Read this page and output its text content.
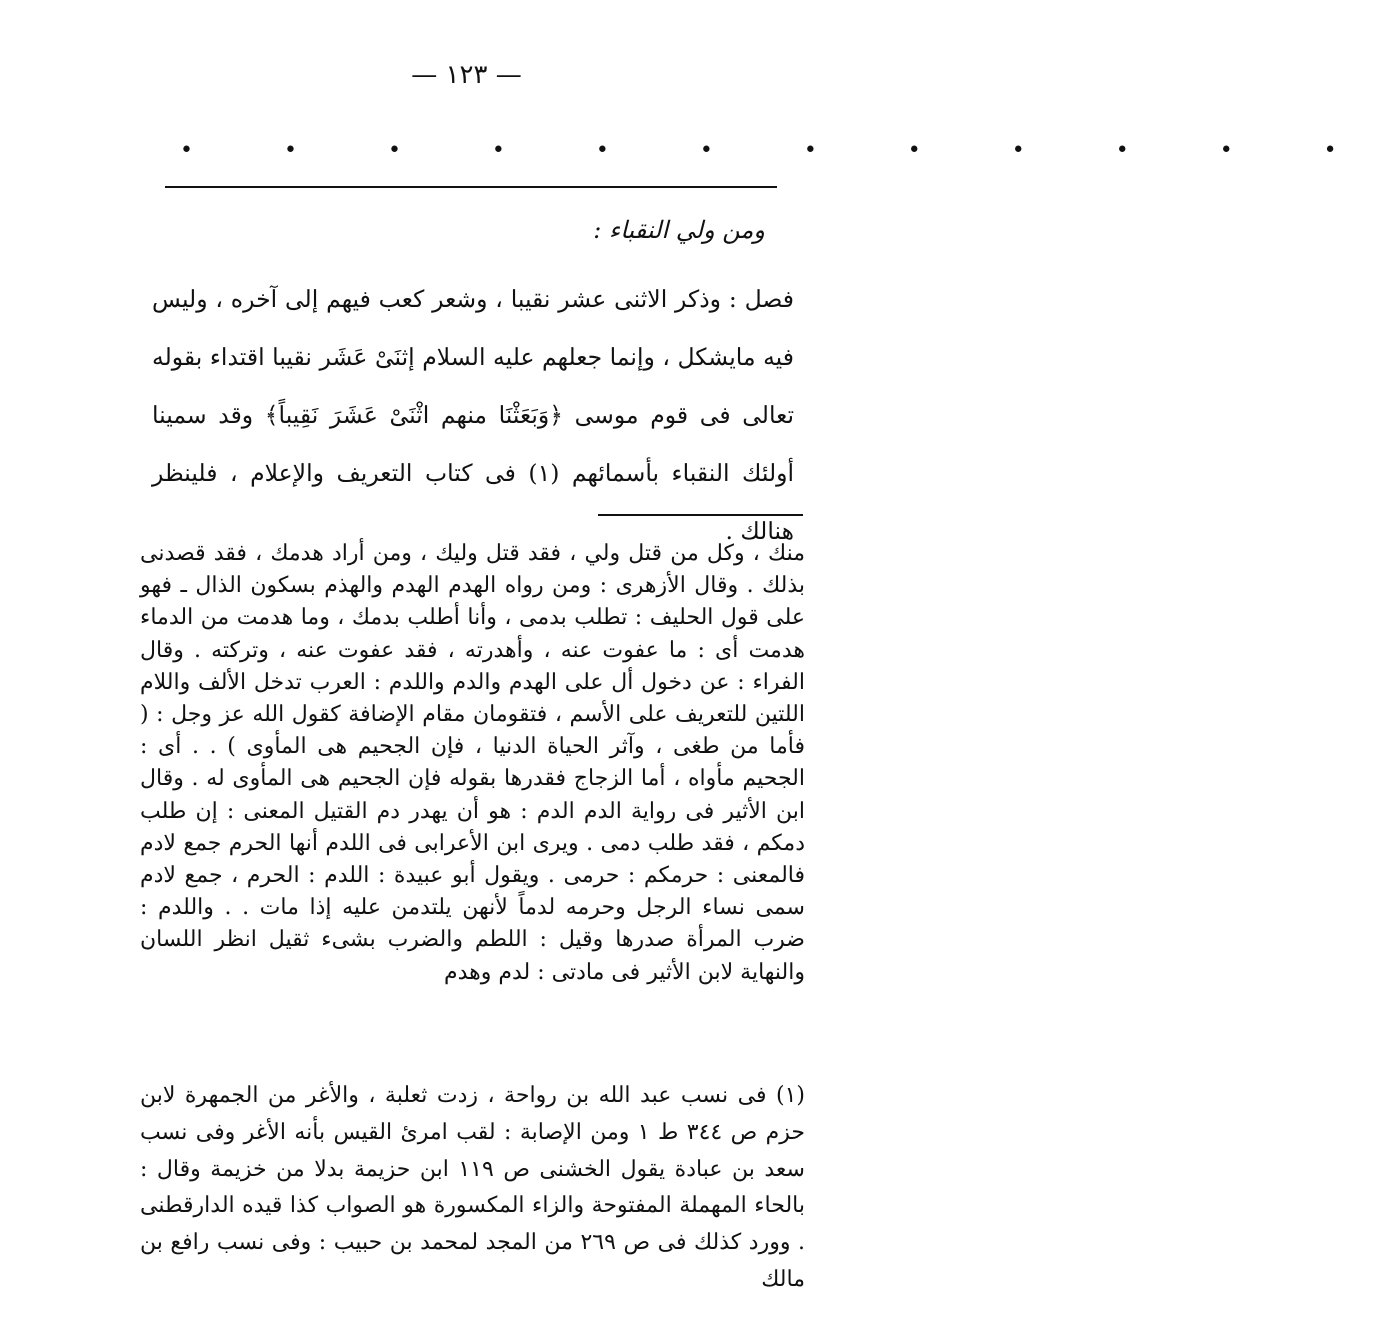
— ١٢٣ —
• • • • • • • • • • • •
ومن ولي النقباء :

فصل : وذكر الاثنى عشر نقيبا ، وشعر كعب فيهم إلى آخره ، وليس فيه مايشكل ، وإنما جعلهم عليه السلام إثنَىْ عَشَر نقيبا اقتداء بقوله تعالى فى قوم موسى ﴿وَبَعَثْنَا منهم اثْنَىْ عَشَرَ نَقِيباً﴾ وقد سمينا أولئك النقباء بأسمائهم (١) فى كتاب التعريف والإعلام ، فلينظر هنالك .

منك ، وكل من قتل ولي ، فقد قتل وليك ، ومن أراد هدمك ، فقد قصدنى بذلك . وقال الأزهرى : ومن رواه الهدم الهدم والهذم بسكون الذال ـ فهو على قول الحليف : تطلب بدمى ، وأنا أطلب بدمك ، وما هدمت من الدماء هدمت أى : ما عفوت عنه ، وأهدرته ، فقد عفوت عنه ، وتركته . وقال الفراء : عن دخول أل على الهدم والدم واللدم : العرب تدخل الألف واللام اللتين للتعريف على الأسم ، فتقومان مقام الإضافة كقول الله عز وجل : ( فأما من طغى ، وآثر الحياة الدنيا ، فإن الجحيم هى المأوى ) . . أى : الجحيم مأواه ، أما الزجاج فقدرها بقوله فإن الجحيم هى المأوى له . وقال ابن الأثير فى رواية الدم الدم : هو أن يهدر دم القتيل المعنى : إن طلب دمكم ، فقد طلب دمى . ويرى ابن الأعرابى فى اللدم أنها الحرم جمع لادم فالمعنى : حرمكم : حرمى . ويقول أبو عبيدة : اللدم : الحرم ، جمع لادم سمى نساء الرجل وحرمه لدماً لأنهن يلتدمن عليه إذا مات . . واللدم : ضرب المرأة صدرها وقيل : اللطم والضرب بشىء ثقيل انظر اللسان والنهاية لابن الأثير فى مادتى : لدم وهدم

(١) فى نسب عبد الله بن رواحة ، زدت ثعلبة ، والأغر من الجمهرة لابن حزم ص ٣٤٤ ط ١ ومن الإصابة : لقب امرئ القيس بأنه الأغر وفى نسب سعد بن عبادة يقول الخشنى ص ١١٩ ابن حزيمة بدلا من خزيمة وقال : بالحاء المهملة المفتوحة والزاء المكسورة هو الصواب كذا قيده الدارقطنى . وورد كذلك فى ص ٢٦٩ من المجد لمحمد بن حبيب : وفى نسب رافع بن مالك
